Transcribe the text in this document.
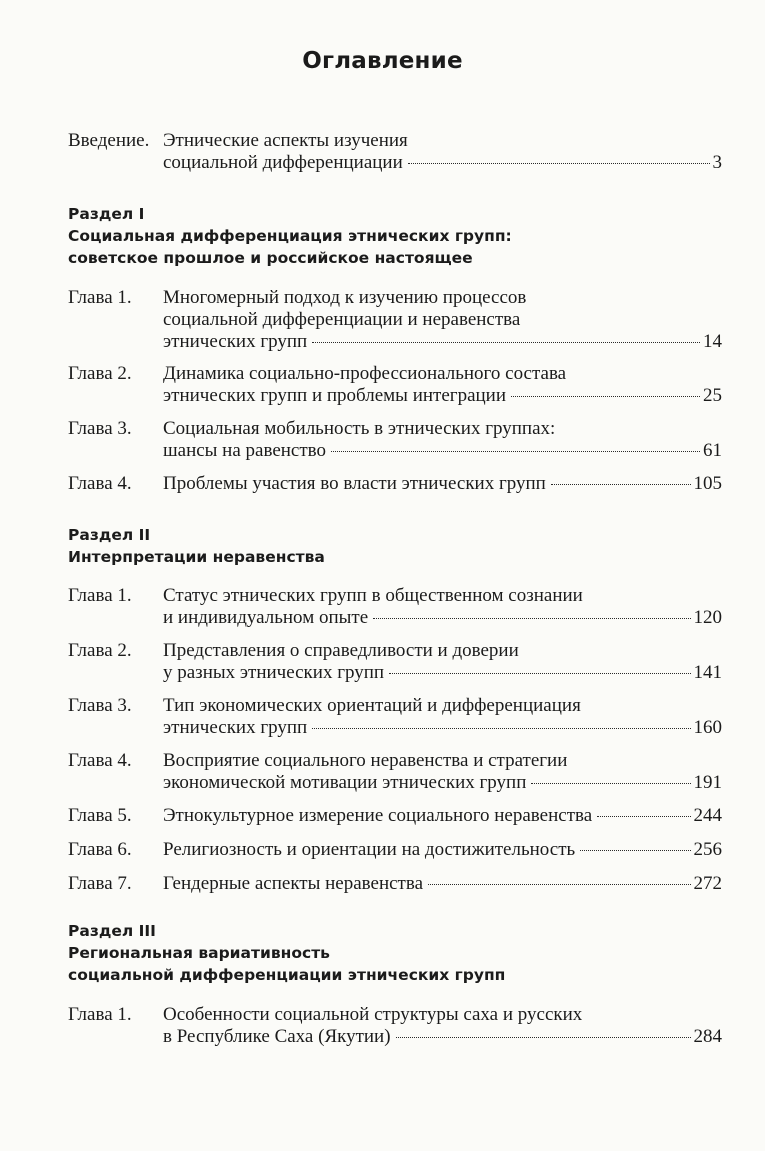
Оглавление
Введение. Этнические аспекты изучения
социальной дифференциации	3
Раздел I
Социальная дифференциация этнических групп:
советское прошлое и российское настоящее
Глава 1. Многомерный подход к изучению процессов
социальной дифференциации и неравенства
этнических групп	14
Глава 2. Динамика социально-профессионального состава
этнических групп и проблемы интеграции	25
Глава 3. Социальная мобильность в этнических группах:
шансы на равенство	61
Глава 4. Проблемы участия во власти этнических групп	105
Раздел II
Интерпретации неравенства
Глава 1. Статус этнических групп в общественном сознании
и индивидуальном опыте	120
Глава 2. Представления о справедливости и доверии
у разных этнических групп	141
Глава 3. Тип экономических ориентаций и дифференциация
этнических групп	160
Глава 4. Восприятие социального неравенства и стратегии
экономической мотивации этнических групп	191
Глава 5. Этнокультурное измерение социального неравенства	244
Глава 6. Религиозность и ориентации на достижительность	256
Глава 7. Гендерные аспекты неравенства	272
Раздел III
Региональная вариативность
социальной дифференциации этнических групп
Глава 1. Особенности социальной структуры саха и русских
в Республике Саха (Якутии)	284
